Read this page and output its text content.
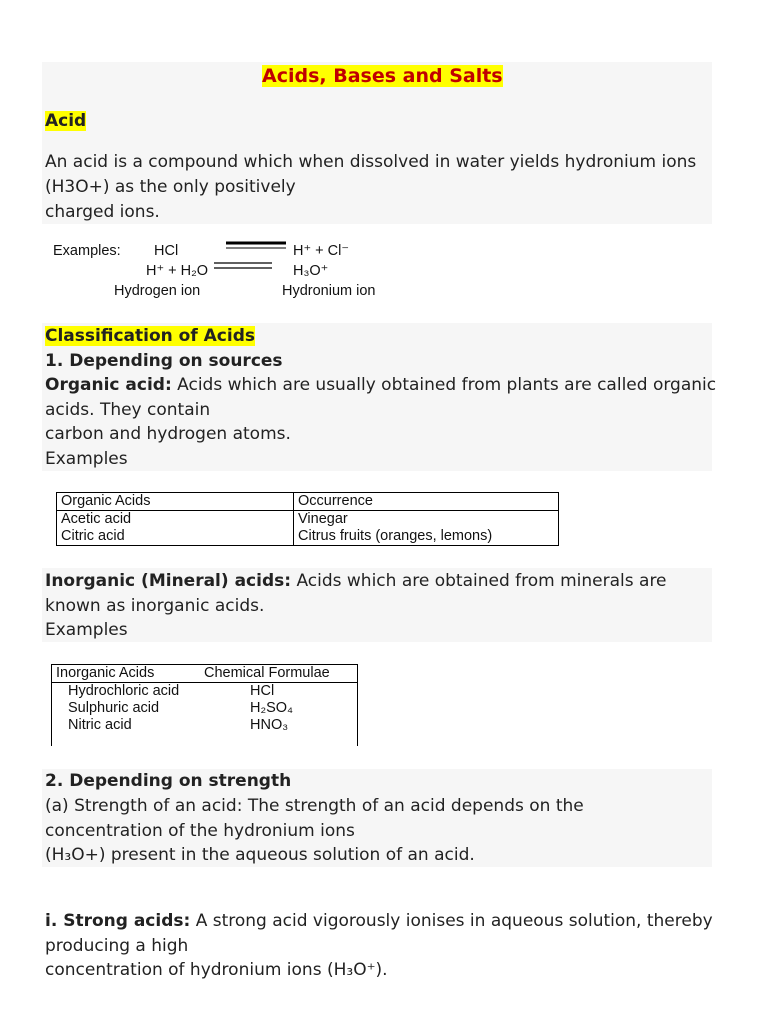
Acids, Bases and Salts
Acid
An acid is a compound which when dissolved in water yields hydronium ions
(H3O+) as the only positively
charged ions.
Examples: HCl	H⁺ + Cl⁻
H⁺ + H₂O	H₃O⁺
Hydrogen ion	Hydronium ion
Classification of Acids
1. Depending on sources
Organic acid: Acids which are usually obtained from plants are called organic
acids. They contain
carbon and hydrogen atoms.
Examples
Organic Acids	Occurrence
Acetic acid	Vinegar
Citric acid	Citrus fruits (oranges, lemons)
Inorganic (Mineral) acids: Acids which are obtained from minerals are
known as inorganic acids.
Examples
Inorganic Acids	Chemical Formulae
Hydrochloric acid	HCl
Sulphuric acid	H₂SO₄
Nitric acid	HNO₃
2. Depending on strength
(a) Strength of an acid: The strength of an acid depends on the
concentration of the hydronium ions
(H₃O+) present in the aqueous solution of an acid.
i. Strong acids: A strong acid vigorously ionises in aqueous solution, thereby
producing a high
concentration of hydronium ions (H₃O⁺).
